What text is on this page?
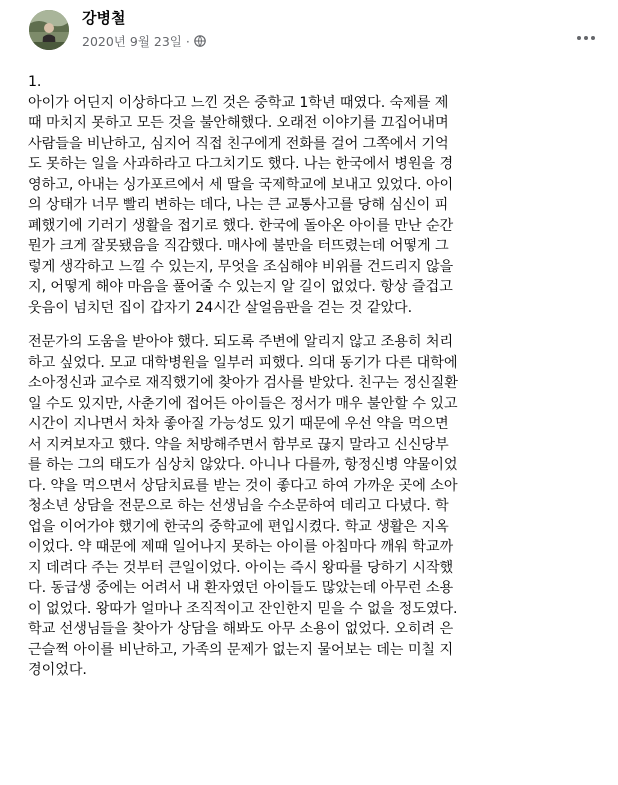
강병철
2020년 9월 23일 ·
1.
아이가 어딘지 이상하다고 느낀 것은 중학교 1학년 때였다. 숙제를 제
때 마치지 못하고 모든 것을 불안해했다. 오래전 이야기를 끄집어내며
사람들을 비난하고, 심지어 직접 친구에게 전화를 걸어 그쪽에서 기억
도 못하는 일을 사과하라고 다그치기도 했다. 나는 한국에서 병원을 경
영하고, 아내는 싱가포르에서 세 딸을 국제학교에 보내고 있었다. 아이
의 상태가 너무 빨리 변하는 데다, 나는 큰 교통사고를 당해 심신이 피
폐했기에 기러기 생활을 접기로 했다. 한국에 돌아온 아이를 만난 순간
뭔가 크게 잘못됐음을 직감했다. 매사에 불만을 터뜨렸는데 어떻게 그
렇게 생각하고 느낄 수 있는지, 무엇을 조심해야 비위를 건드리지 않을
지, 어떻게 해야 마음을 풀어줄 수 있는지 알 길이 없었다. 항상 즐겁고
웃음이 넘치던 집이 갑자기 24시간 살얼음판을 걷는 것 같았다.
전문가의 도움을 받아야 했다. 되도록 주변에 알리지 않고 조용히 처리
하고 싶었다. 모교 대학병원을 일부러 피했다. 의대 동기가 다른 대학에
소아정신과 교수로 재직했기에 찾아가 검사를 받았다. 친구는 정신질환
일 수도 있지만, 사춘기에 접어든 아이들은 정서가 매우 불안할 수 있고
시간이 지나면서 차차 좋아질 가능성도 있기 때문에 우선 약을 먹으면
서 지켜보자고 했다. 약을 처방해주면서 함부로 끊지 말라고 신신당부
를 하는 그의 태도가 심상치 않았다. 아니나 다를까, 항정신병 약물이었
다. 약을 먹으면서 상담치료를 받는 것이 좋다고 하여 가까운 곳에 소아
청소년 상담을 전문으로 하는 선생님을 수소문하여 데리고 다녔다. 학
업을 이어가야 했기에 한국의 중학교에 편입시켰다. 학교 생활은 지옥
이었다. 약 때문에 제때 일어나지 못하는 아이를 아침마다 깨워 학교까
지 데려다 주는 것부터 큰일이었다. 아이는 즉시 왕따를 당하기 시작했
다. 동급생 중에는 어려서 내 환자였던 아이들도 많았는데 아무런 소용
이 없었다. 왕따가 얼마나 조직적이고 잔인한지 믿을 수 없을 정도였다.
학교 선생님들을 찾아가 상담을 해봐도 아무 소용이 없었다. 오히려 은
근슬쩍 아이를 비난하고, 가족의 문제가 없는지 물어보는 데는 미칠 지
경이었다.
